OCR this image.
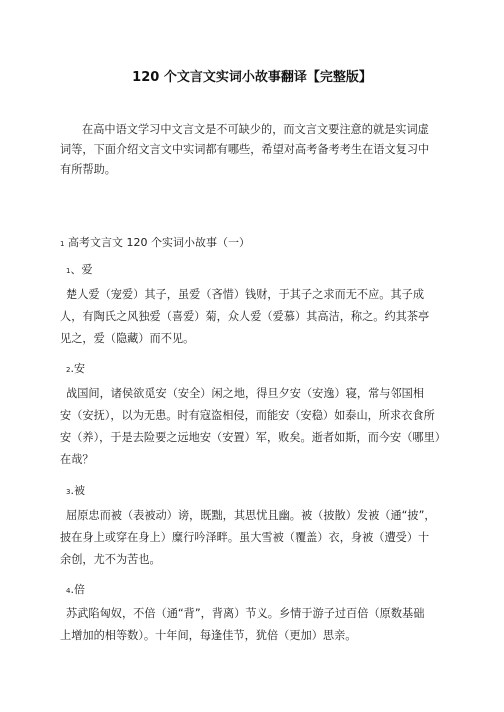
120 个文言文实词小故事翻译【完整版】

在高中语文学习中文言文是不可缺少的，而文言文要注意的就是实词虚

词等，下面介绍文言文中实词都有哪些，希望对高考备考考生在语文复习中

有所帮助。

1 高考文言文 120 个实词小故事（一）
1、爱

楚人爱（宠爱）其子，虽爱（吝惜）钱财，于其子之求而无不应。其子成

人，有陶氏之风独爱（喜爱）菊，众人爱（爱慕）其高洁，称之。约其茶亭

见之，爱（隐藏）而不见。

2.安

战国间，诸侯欲觅安（安全）闲之地，得旦夕安（安逸）寝，常与邻国相

安（安抚），以为无患。时有寇盗相侵，而能安（安稳）如泰山，所求衣食所

安（养），于是去险要之远地安（安置）军，败矣。逝者如斯，而今安（哪里）

在哉？

3.被

屈原忠而被（表被动）谤，既黜，其思忧且幽。被（披散）发被（通“披”，

披在身上或穿在身上）糜行吟泽畔。虽大雪被（覆盖）衣，身被（遭受）十

余创，尤不为苦也。

4.倍

苏武陷匈奴，不倍（通“背”，背离）节义。乡情于游子过百倍（原数基础

上增加的相等数）。十年间，每逢佳节，犹倍（更加）思亲。
